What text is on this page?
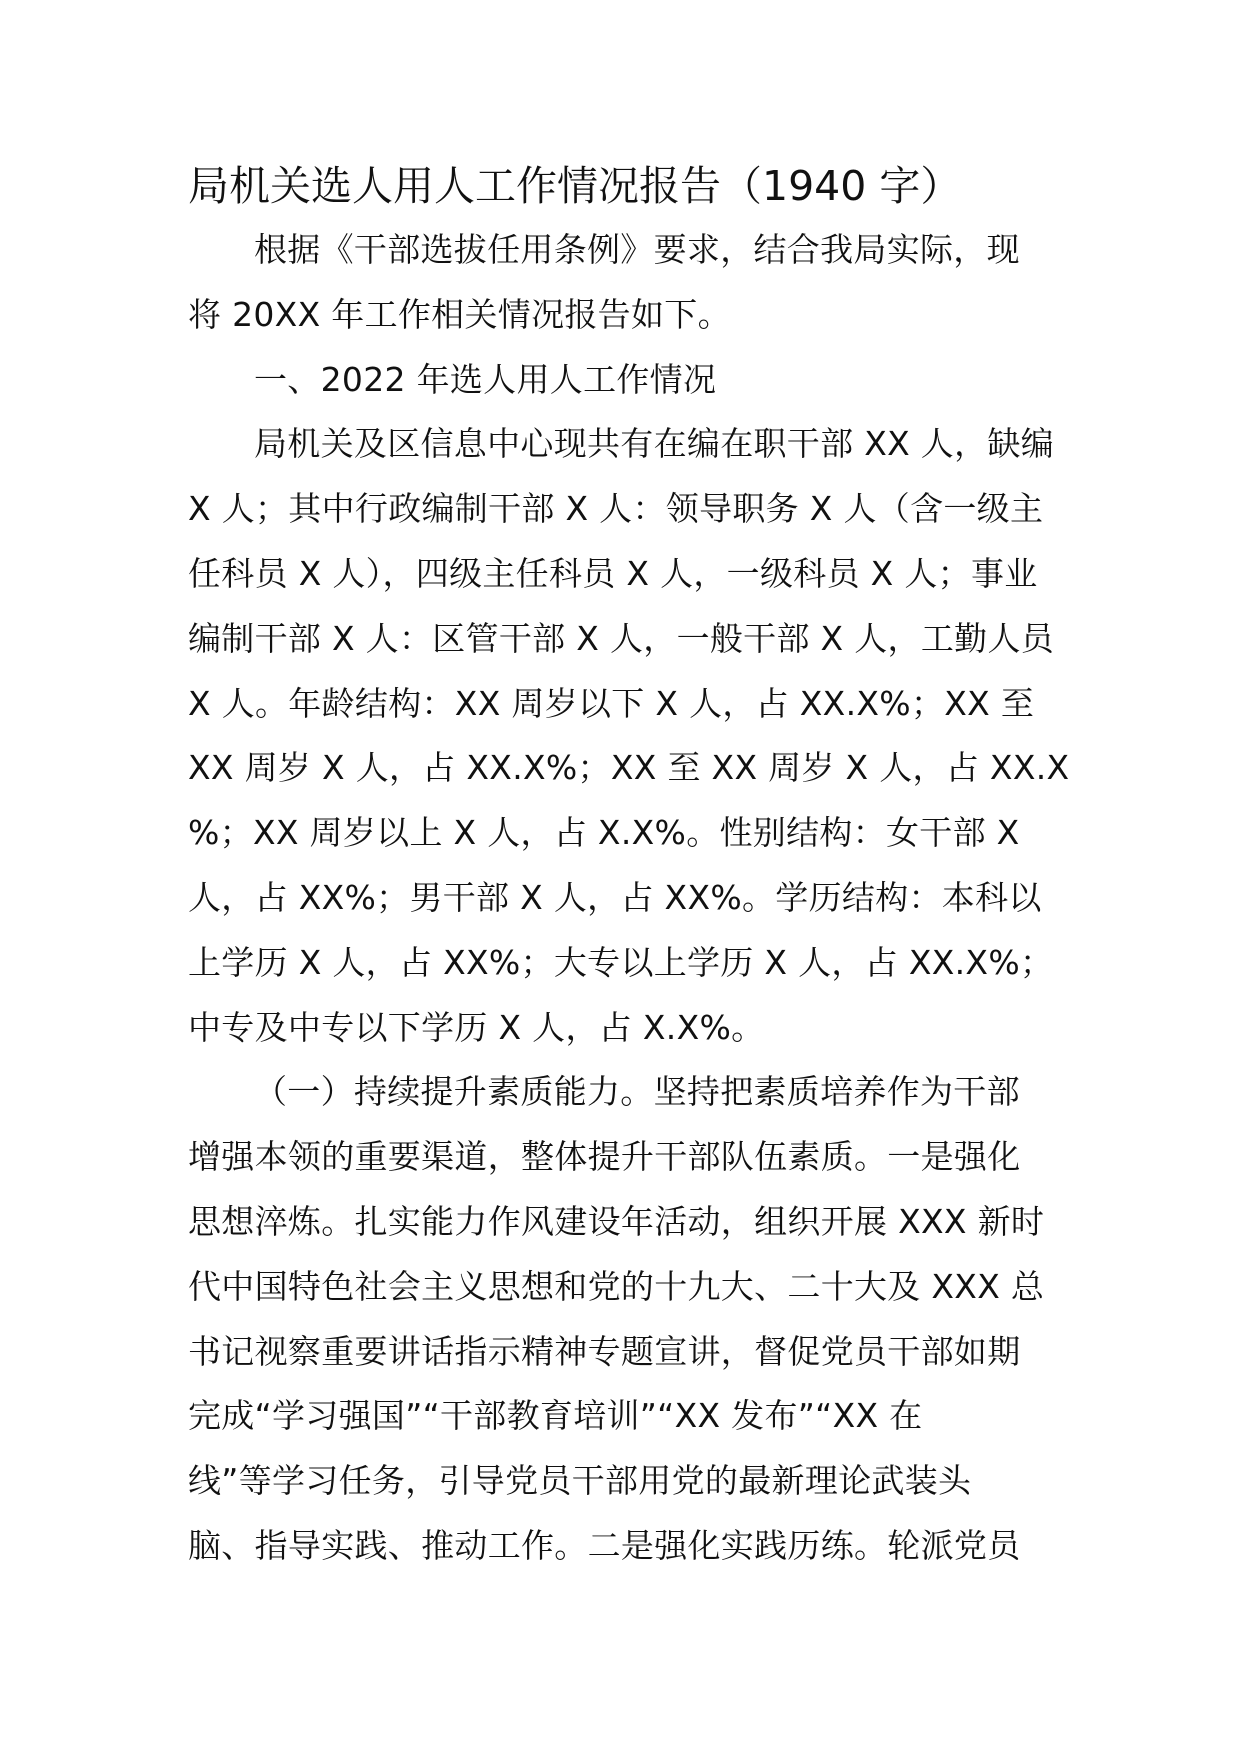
局机关选人用人工作情况报告（1940 字）
根据《干部选拔任用条例》要求，结合我局实际，现
将 20XX 年工作相关情况报告如下。
一、2022 年选人用人工作情况
局机关及区信息中心现共有在编在职干部 XX 人，缺编
X 人；其中行政编制干部 X 人：领导职务 X 人（含一级主
任科员 X 人），四级主任科员 X 人，一级科员 X 人；事业
编制干部 X 人：区管干部 X 人，一般干部 X 人，工勤人员
X 人。年龄结构：XX 周岁以下 X 人，占 XX.X%；XX 至
XX 周岁 X 人，占 XX.X%；XX 至 XX 周岁 X 人，占 XX.X
%；XX 周岁以上 X 人，占 X.X%。性别结构：女干部 X
人，占 XX%；男干部 X 人，占 XX%。学历结构：本科以
上学历 X 人，占 XX%；大专以上学历 X 人，占 XX.X%；
中专及中专以下学历 X 人，占 X.X%。
（一）持续提升素质能力。坚持把素质培养作为干部
增强本领的重要渠道，整体提升干部队伍素质。一是强化
思想淬炼。扎实能力作风建设年活动，组织开展 XXX 新时
代中国特色社会主义思想和党的十九大、二十大及 XXX 总
书记视察重要讲话指示精神专题宣讲，督促党员干部如期
完成“学习强国”“干部教育培训”“XX 发布”“XX 在
线”等学习任务，引导党员干部用党的最新理论武装头
脑、指导实践、推动工作。二是强化实践历练。轮派党员
